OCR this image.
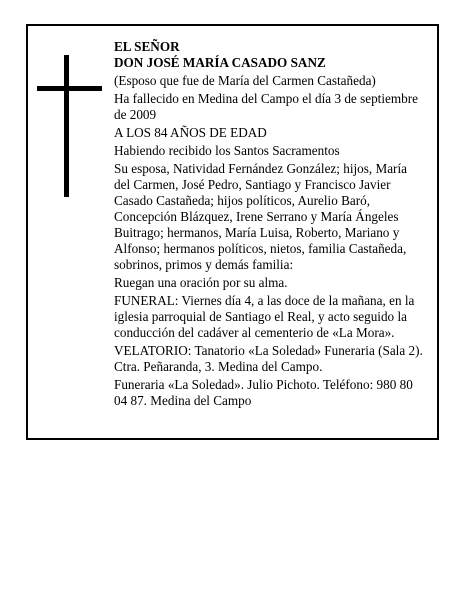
EL SEÑOR

DON JOSÉ MARÍA CASADO SANZ

(Esposo que fue de María del Carmen Castañeda)

Ha fallecido en Medina del Campo el día 3 de septiembre de 2009

A LOS 84 AÑOS DE EDAD

Habiendo recibido los Santos Sacramentos

Su esposa, Natividad Fernández González; hijos, María del Carmen, José Pedro, Santiago y Francisco Javier Casado Castañeda; hijos políticos, Aurelio Baró, Concepción Blázquez, Irene Serrano y María Ángeles Buitrago; hermanos, María Luisa, Roberto, Mariano y Alfonso; hermanos políticos, nietos, familia Castañeda, sobrinos, primos y demás familia:

Ruegan una oración por su alma.

FUNERAL: Viernes día 4, a las doce de la mañana, en la iglesia parroquial de Santiago el Real, y acto seguido la conducción del cadáver al cementerio de «La Mora».

VELATORIO: Tanatorio «La Soledad» Funeraria (Sala 2). Ctra. Peñaranda, 3. Medina del Campo.

Funeraria «La Soledad». Julio Pichoto. Teléfono: 980 80 04 87. Medina del Campo
